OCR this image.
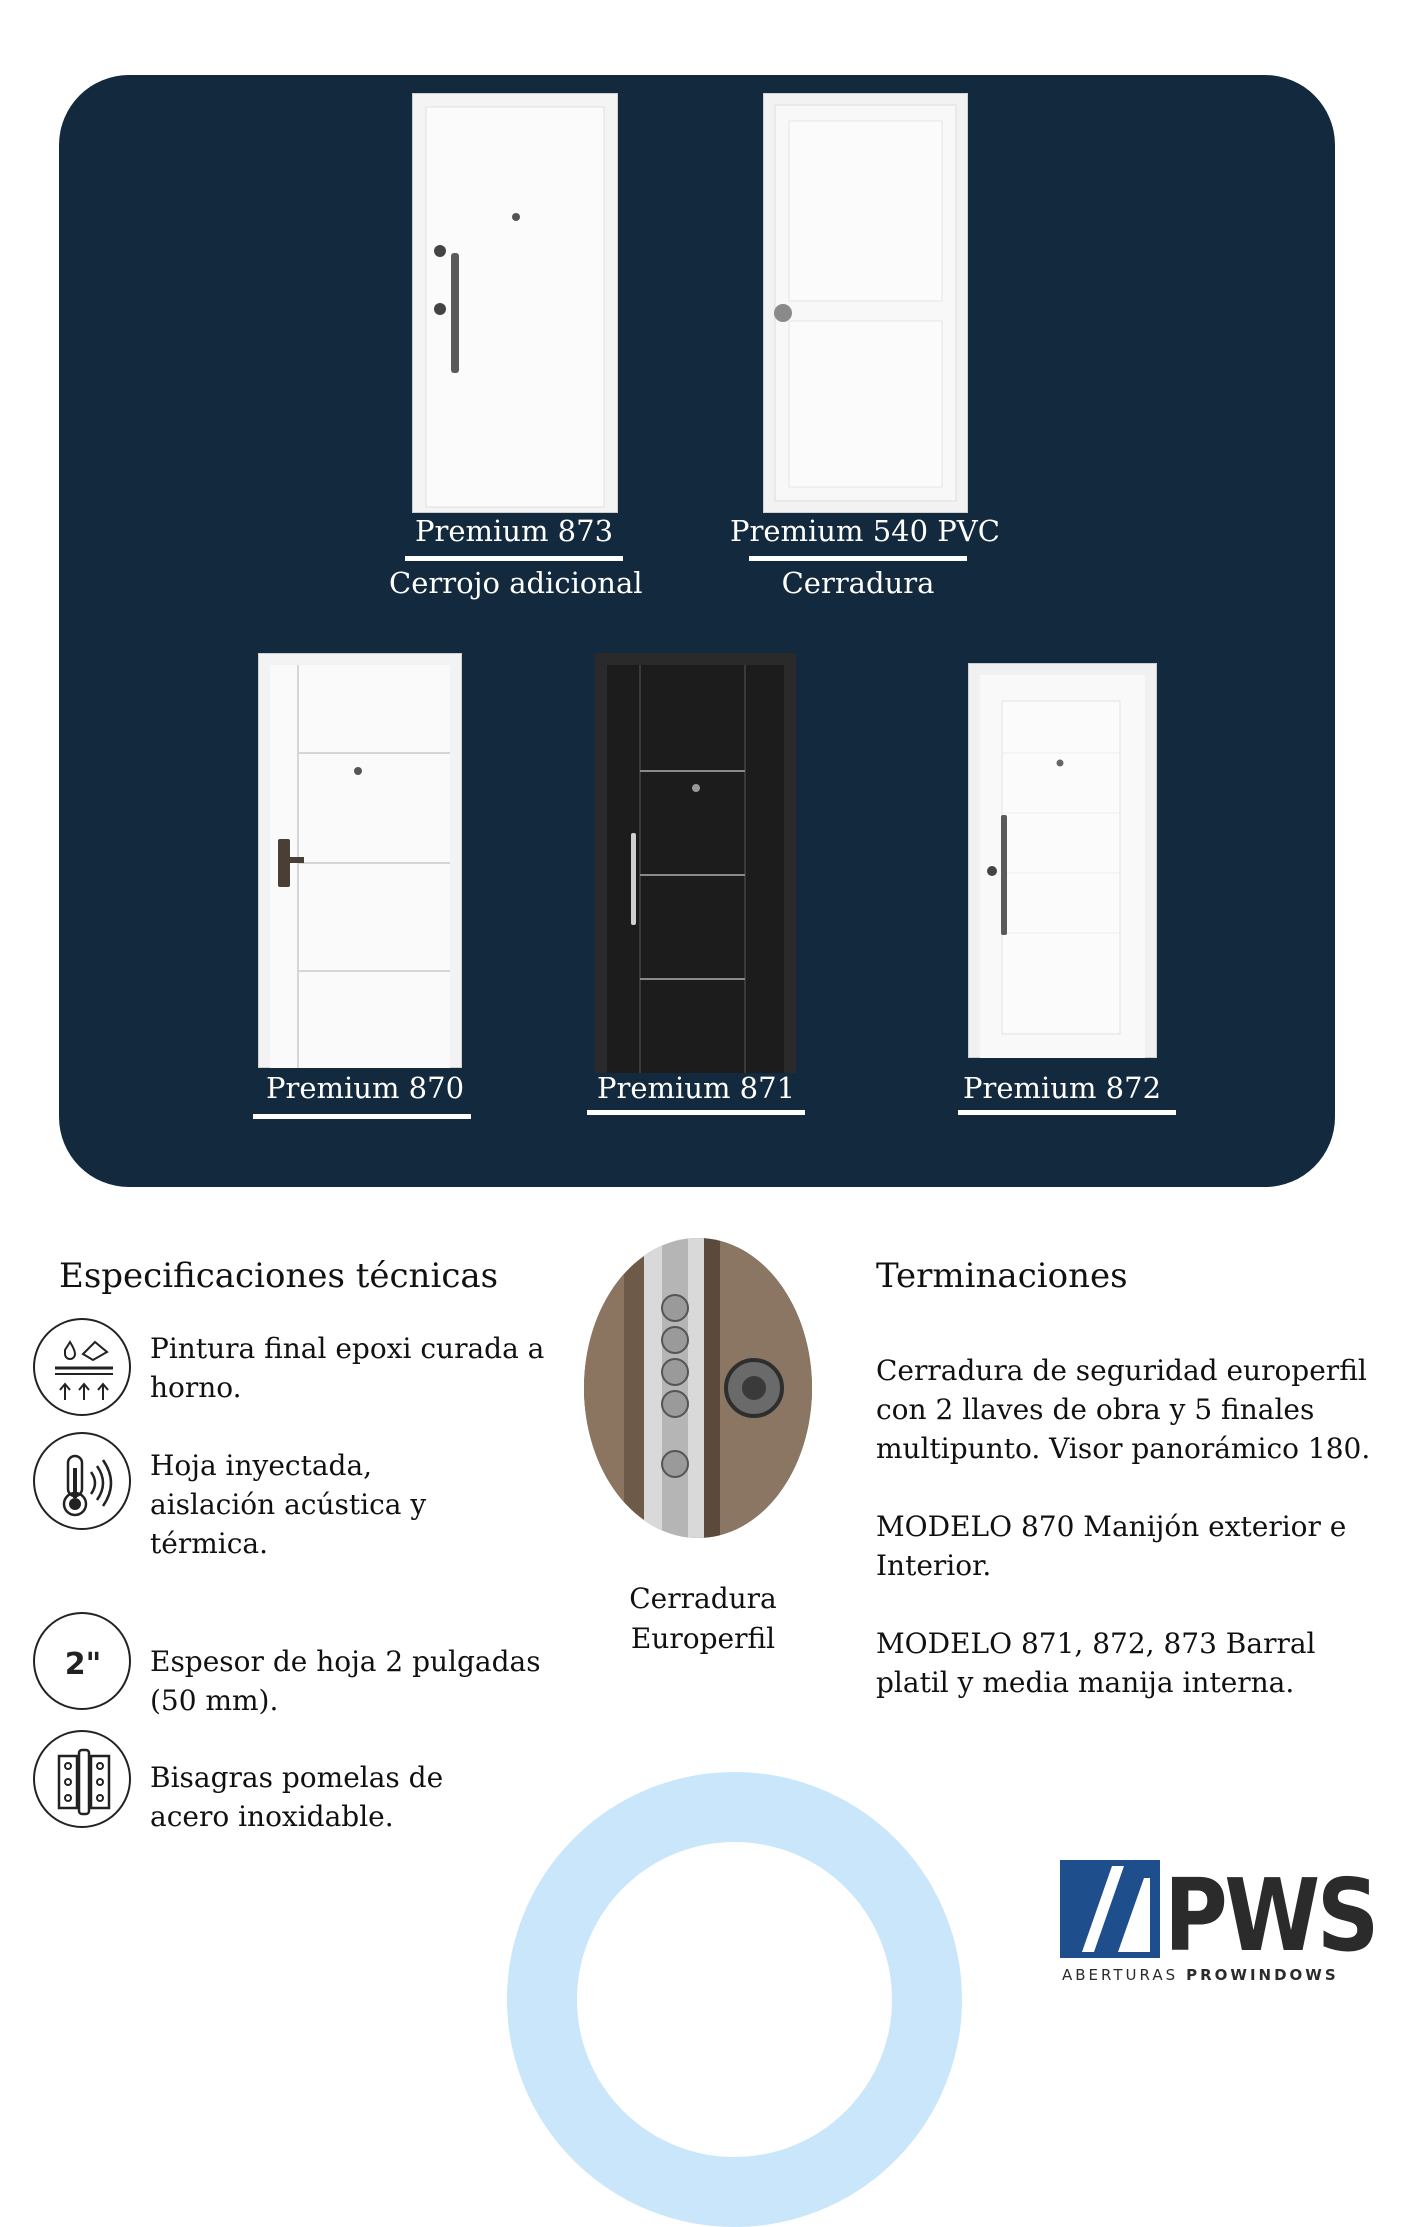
Premium 873
Cerrojo adicional
Premium 540 PVC
Cerradura
Premium 870	Premium 871	Premium 872
Especificaciones técnicas
Pintura final epoxi curada a horno.
Hoja inyectada, aislación acústica y térmica.
2" Espesor de hoja 2 pulgadas (50 mm).
Bisagras pomelas de acero inoxidable.
Cerradura
Europerfil
Terminaciones

Cerradura de seguridad europerfil con 2 llaves de obra y 5 finales multipunto. Visor panorámico 180.

MODELO 870 Manijón exterior e Interior.

MODELO 871, 872, 873 Barral platil y media manija interna.

PWS
ABERTURAS PROWINDOWS
